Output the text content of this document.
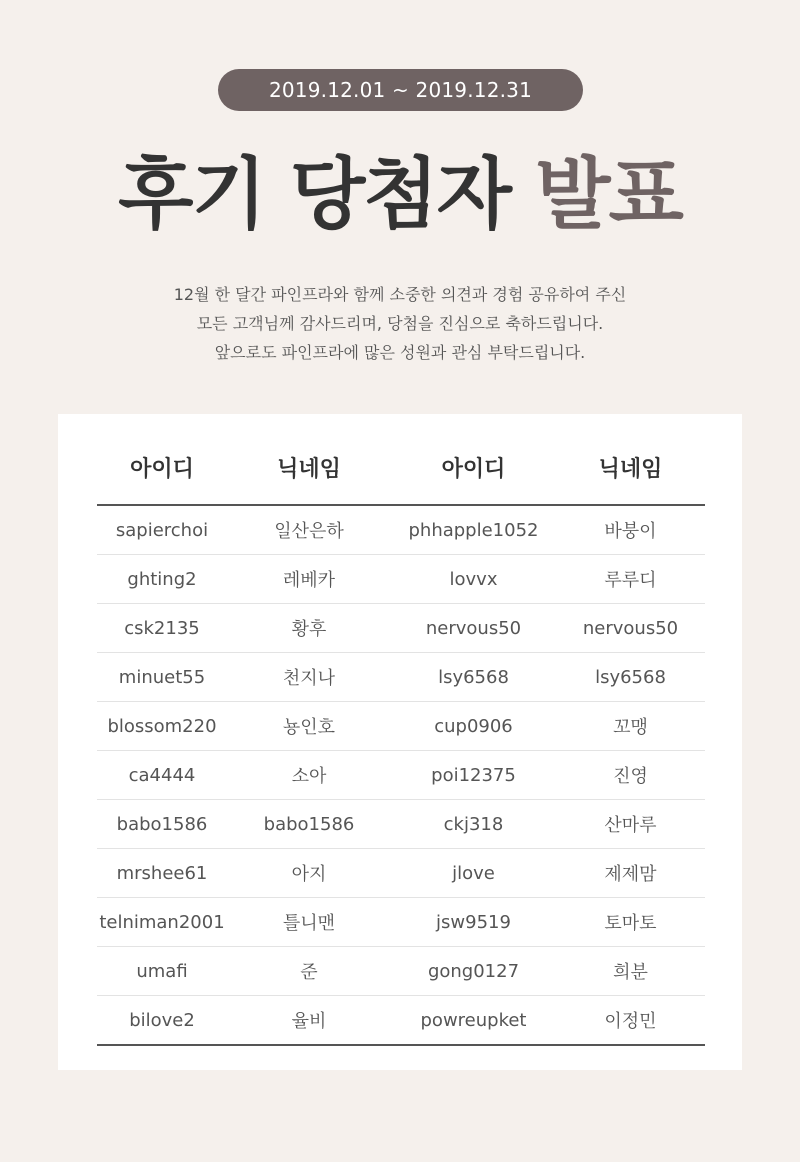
2019.12.01 ~ 2019.12.31
후기 당첨자 발표
12월 한 달간 파인프라와 함께 소중한 의견과 경험 공유하여 주신
모든 고객님께 감사드리며, 당첨을 진심으로 축하드립니다.
앞으로도 파인프라에 많은 성원과 관심 부탁드립니다.
아이디	닉네임	아이디	닉네임
sapierchoi	일산은하	phhapple1052	바붕이
ghting2	레베카	lovvx	루루디
csk2135	황후	nervous50	nervous50
minuet55	천지나	lsy6568	lsy6568
blossom220	뇽인호	cup0906	꼬맹
ca4444	소아	poi12375	진영
babo1586	babo1586	ckj318	산마루
mrshee61	아지	jlove	제제맘
telniman2001	틀니맨	jsw9519	토마토
umafi	준	gong0127	희분
bilove2	율비	powreupket	이정민
